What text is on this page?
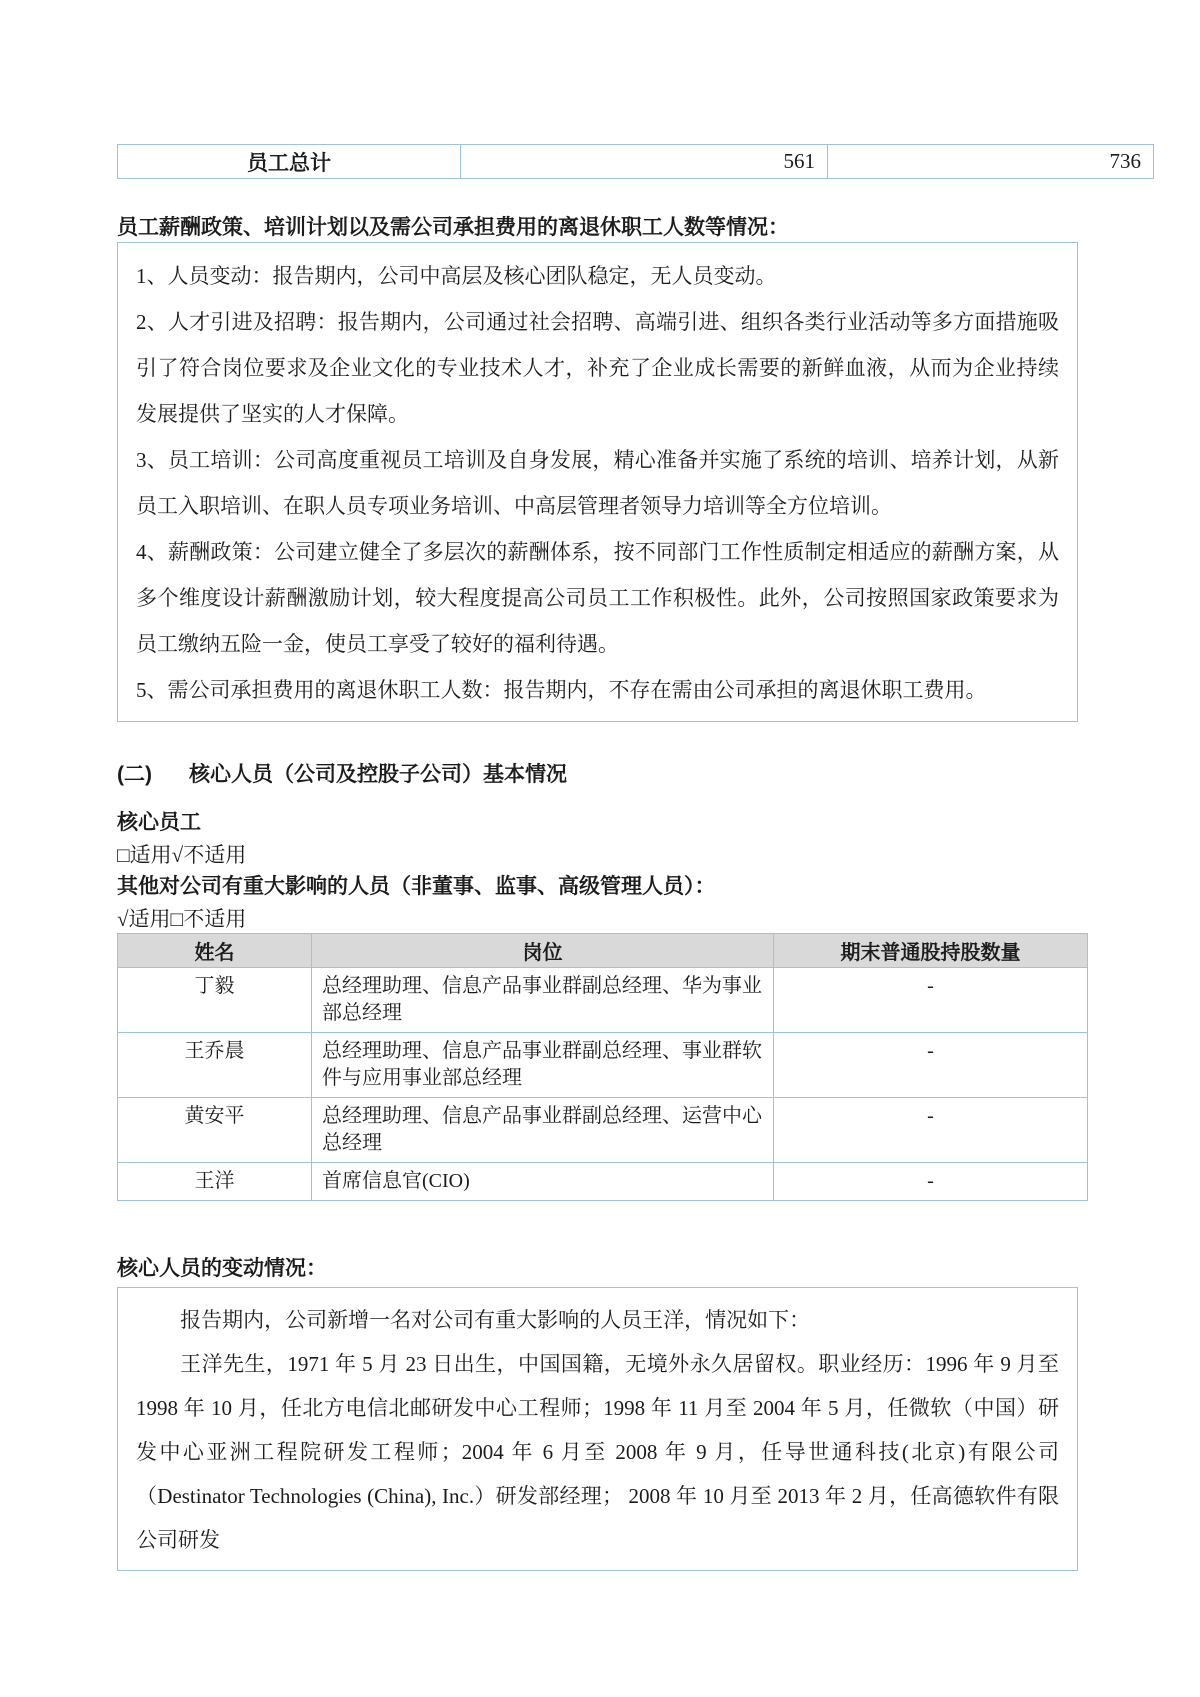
员工总计	561	736
员工薪酬政策、培训计划以及需公司承担费用的离退休职工人数等情况：

1、人员变动：报告期内，公司中高层及核心团队稳定，无人员变动。

2、人才引进及招聘：报告期内，公司通过社会招聘、高端引进、组织各类行业活动等多方面措施吸引了符合岗位要求及企业文化的专业技术人才，补充了企业成长需要的新鲜血液，从而为企业持续发展提供了坚实的人才保障。

3、员工培训：公司高度重视员工培训及自身发展，精心准备并实施了系统的培训、培养计划，从新员工入职培训、在职人员专项业务培训、中高层管理者领导力培训等全方位培训。

4、薪酬政策：公司建立健全了多层次的薪酬体系，按不同部门工作性质制定相适应的薪酬方案，从多个维度设计薪酬激励计划，较大程度提高公司员工工作积极性。此外，公司按照国家政策要求为员工缴纳五险一金，使员工享受了较好的福利待遇。

5、需公司承担费用的离退休职工人数：报告期内，不存在需由公司承担的离退休职工费用。

(二) 核心人员（公司及控股子公司）基本情况

核心员工

□适用√不适用

其他对公司有重大影响的人员（非董事、监事、高级管理人员）：

√适用□不适用

姓名	岗位	期末普通股持股数量
丁毅	总经理助理、信息产品事业群副总经理、华为事业部总经理	-
王乔晨	总经理助理、信息产品事业群副总经理、事业群软件与应用事业部总经理	-
黄安平	总经理助理、信息产品事业群副总经理、运营中心总经理	-
王洋	首席信息官(CIO)	-
核心人员的变动情况：

报告期内，公司新增一名对公司有重大影响的人员王洋，情况如下：

王洋先生，1971 年 5 月 23 日出生，中国国籍，无境外永久居留权。职业经历：1996 年 9 月至 1998 年 10 月，任北方电信北邮研发中心工程师；1998 年 11 月至 2004 年 5 月，任微软（中国）研发中心亚洲工程院研发工程师；2004 年 6 月至 2008 年 9 月，任导世通科技(北京)有限公司（Destinator Technologies (China), Inc.）研发部经理； 2008 年 10 月至 2013 年 2 月，任高德软件有限公司研发
